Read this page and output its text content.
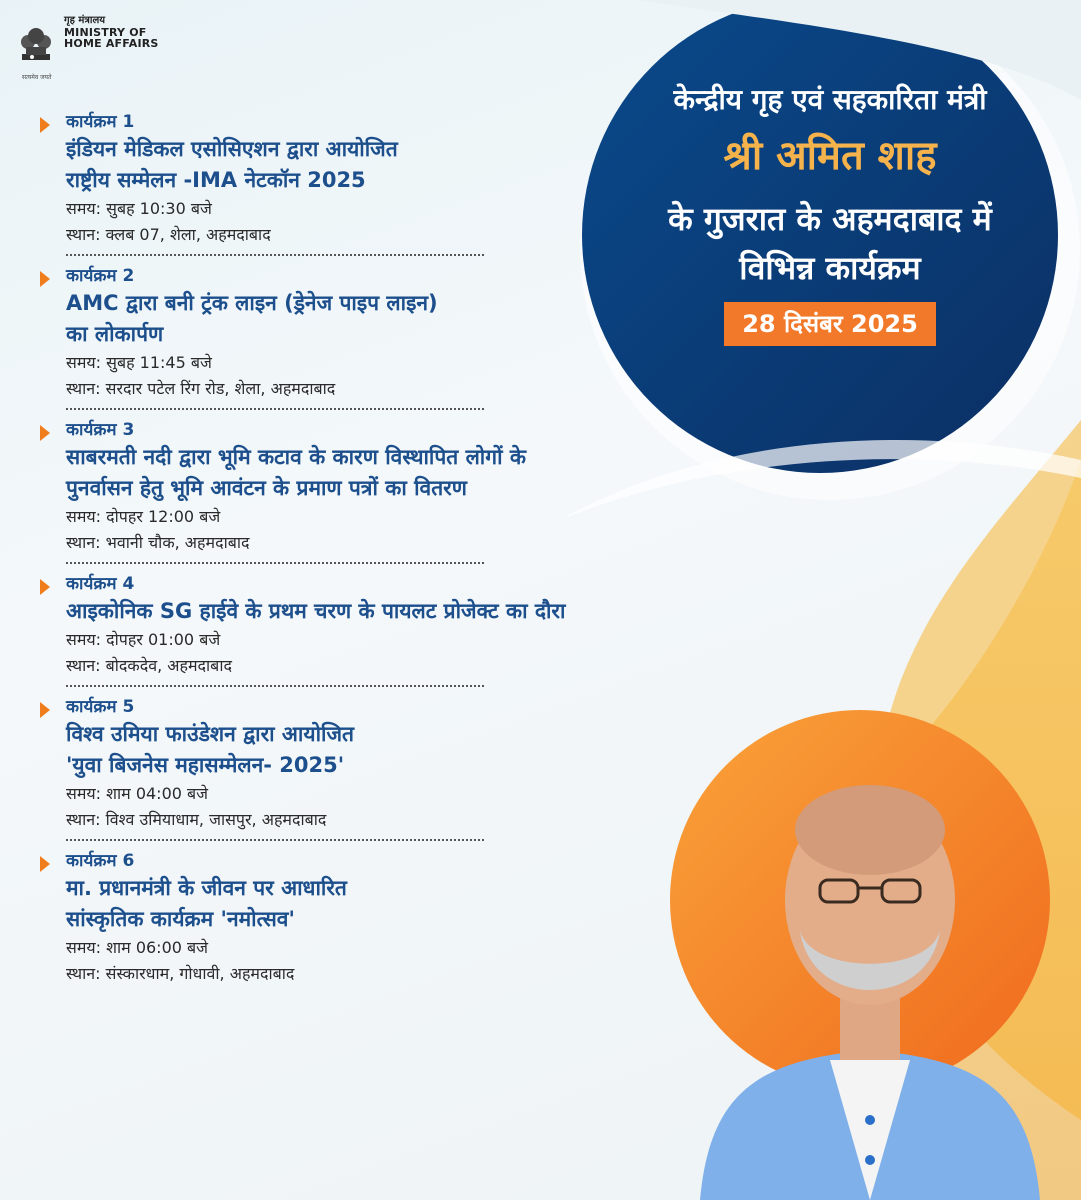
गृह मंत्रालय
MINISTRY OF
HOME AFFAIRS
सत्यमेव जयते
कार्यक्रम 1
इंडियन मेडिकल एसोसिएशन द्वारा आयोजित
राष्ट्रीय सम्मेलन -IMA नेटकॉन 2025
समय: सुबह 10:30 बजे
स्थान: क्लब 07, शेला, अहमदाबाद
कार्यक्रम 2
AMC द्वारा बनी ट्रंक लाइन (ड्रेनेज पाइप लाइन)
का लोकार्पण
समय: सुबह 11:45 बजे
स्थान: सरदार पटेल रिंग रोड, शेला, अहमदाबाद
कार्यक्रम 3
साबरमती नदी द्वारा भूमि कटाव के कारण विस्थापित लोगों के
पुनर्वासन हेतु भूमि आवंटन के प्रमाण पत्रों का वितरण
समय: दोपहर 12:00 बजे
स्थान: भवानी चौक, अहमदाबाद
कार्यक्रम 4
आइकोनिक SG हाईवे के प्रथम चरण के पायलट प्रोजेक्ट का दौरा
समय: दोपहर 01:00 बजे
स्थान: बोदकदेव, अहमदाबाद
कार्यक्रम 5
विश्व उमिया फाउंडेशन द्वारा आयोजित
'युवा बिजनेस महासम्मेलन- 2025'
समय: शाम 04:00 बजे
स्थान: विश्व उमियाधाम, जासपुर, अहमदाबाद
कार्यक्रम 6
मा. प्रधानमंत्री के जीवन पर आधारित
सांस्कृतिक कार्यक्रम 'नमोत्सव'
समय: शाम 06:00 बजे
स्थान: संस्कारधाम, गोधावी, अहमदाबाद
केन्द्रीय गृह एवं सहकारिता मंत्री
श्री अमित शाह
के गुजरात के अहमदाबाद में
विभिन्न कार्यक्रम
28 दिसंबर 2025
